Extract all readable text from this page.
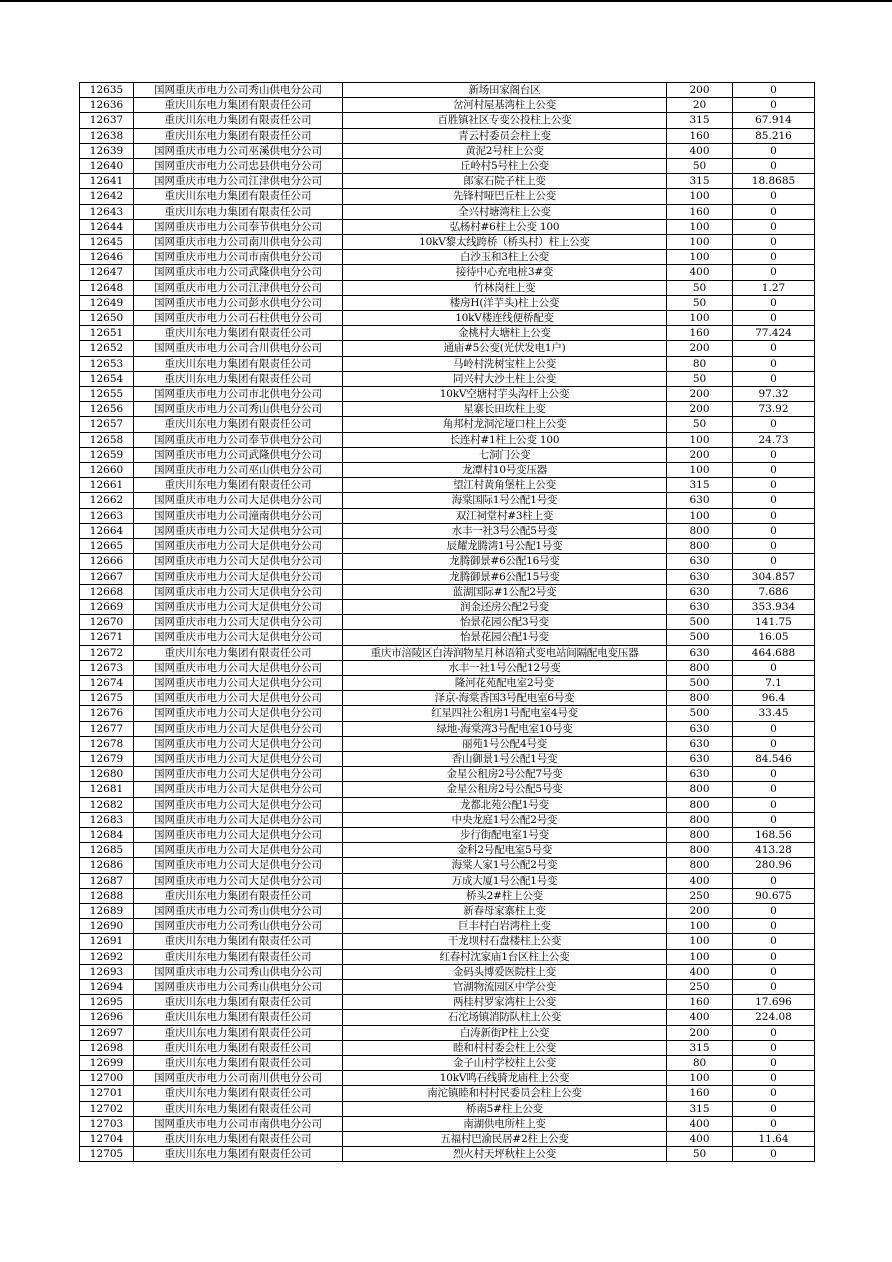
12635	国网重庆市电力公司秀山供电分公司	新场田家阁台区	200	0
12636	重庆川东电力集团有限责任公司	岔河村屋基湾柱上公变	20	0
12637	重庆川东电力集团有限责任公司	百胜镇社区专变公投柱上公变	315	67.914
12638	重庆川东电力集团有限责任公司	青云村委员会柱上变	160	85.216
12639	国网重庆市电力公司巫溪供电分公司	黄泥2号柱上公变	400	0
12640	国网重庆市电力公司忠县供电分公司	丘岭村5号柱上公变	50	0
12641	国网重庆市电力公司江津供电分公司	郎家石院子柱上变	315	18.8685
12642	重庆川东电力集团有限责任公司	先锋村哑巴丘柱上公变	100	0
12643	重庆川东电力集团有限责任公司	全兴村塘湾柱上公变	160	0
12644	国网重庆市电力公司奉节供电分公司	弘杨村#6柱上公变 100	100	0
12645	国网重庆市电力公司南川供电分公司	10kV黎太线跨桥（桥头村）柱上公变	100	0
12646	国网重庆市电力公司市南供电分公司	白沙玉和3柱上公变	100	0
12647	国网重庆市电力公司武隆供电分公司	接待中心充电桩3#变	400	0
12648	国网重庆市电力公司江津供电分公司	竹林岗柱上变	50	1.27
12649	国网重庆市电力公司彭水供电分公司	楼房H(洋芋头)柱上公变	50	0
12650	国网重庆市电力公司石柱供电分公司	10kV楼连线便桥配变	100	0
12651	重庆川东电力集团有限责任公司	金桃村大塘柱上公变	160	77.424
12652	国网重庆市电力公司合川供电分公司	通庙#5公变(光伏发电1户)	200	0
12653	重庆川东电力集团有限责任公司	马岭村洗树宝柱上公变	80	0
12654	重庆川东电力集团有限责任公司	同兴村大沙土柱上公变	50	0
12655	国网重庆市电力公司市北供电分公司	10kV空塘村芋头沟杆上公变	200	97.32
12656	国网重庆市电力公司秀山供电分公司	星寨长田坎柱上变	200	73.92
12657	重庆川东电力集团有限责任公司	角邦村龙洞沱垭口柱上公变	50	0
12658	国网重庆市电力公司奉节供电分公司	长连村#1柱上公变 100	100	24.73
12659	国网重庆市电力公司武隆供电分公司	七洞门公变	200	0
12660	国网重庆市电力公司巫山供电分公司	龙潭村10号变压器	100	0
12661	重庆川东电力集团有限责任公司	望江村黄角堡柱上公变	315	0
12662	国网重庆市电力公司大足供电分公司	海棠国际1号公配1号变	630	0
12663	国网重庆市电力公司潼南供电分公司	双江祠堂村#3柱上变	100	0
12664	国网重庆市电力公司大足供电分公司	水丰一社3号公配5号变	800	0
12665	国网重庆市电力公司大足供电分公司	辰耀龙腾湾1号公配1号变	800	0
12666	国网重庆市电力公司大足供电分公司	龙腾御景#6公配16号变	630	0
12667	国网重庆市电力公司大足供电分公司	龙腾御景#6公配15号变	630	304.857
12668	国网重庆市电力公司大足供电分公司	蓝湖国际#1公配2号变	630	7.686
12669	国网重庆市电力公司大足供电分公司	润金还房公配2号变	630	353.934
12670	国网重庆市电力公司大足供电分公司	怡景花园公配3号变	500	141.75
12671	国网重庆市电力公司大足供电分公司	怡景花园公配1号变	500	16.05
12672	重庆川东电力集团有限责任公司	重庆市涪陵区白涛润物星月林语箱式变电站间隔配电变压器	630	464.688
12673	国网重庆市电力公司大足供电分公司	水丰一社1号公配12号变	800	0
12674	国网重庆市电力公司大足供电分公司	隆河花苑配电室2号变	500	7.1
12675	国网重庆市电力公司大足供电分公司	泽京-海棠香国3号配电室6号变	800	96.4
12676	国网重庆市电力公司大足供电分公司	红星四社公租房1号配电室4号变	500	33.45
12677	国网重庆市电力公司大足供电分公司	绿地-海棠湾3号配电室10号变	630	0
12678	国网重庆市电力公司大足供电分公司	丽苑1号公配4号变	630	0
12679	国网重庆市电力公司大足供电分公司	香山御景1号公配1号变	630	84.546
12680	国网重庆市电力公司大足供电分公司	金星公租房2号公配7号变	630	0
12681	国网重庆市电力公司大足供电分公司	金星公租房2号公配5号变	800	0
12682	国网重庆市电力公司大足供电分公司	龙都北苑公配1号变	800	0
12683	国网重庆市电力公司大足供电分公司	中央龙庭1号公配2号变	800	0
12684	国网重庆市电力公司大足供电分公司	步行街配电室1号变	800	168.56
12685	国网重庆市电力公司大足供电分公司	金科2号配电室5号变	800	413.28
12686	国网重庆市电力公司大足供电分公司	海棠人家1号公配2号变	800	280.96
12687	国网重庆市电力公司大足供电分公司	万成大厦1号公配1号变	400	0
12688	重庆川东电力集团有限责任公司	桥头2#柱上公变	250	90.675
12689	国网重庆市电力公司秀山供电分公司	新春母家寨柱上变	200	0
12690	国网重庆市电力公司秀山供电分公司	巨丰村白岩湾柱上变	100	0
12691	重庆川东电力集团有限责任公司	干龙坝村石盘楼柱上公变	100	0
12692	重庆川东电力集团有限责任公司	红春村沈家庙1台区柱上公变	100	0
12693	国网重庆市电力公司秀山供电分公司	金码头博爱医院柱上变	400	0
12694	国网重庆市电力公司秀山供电分公司	官湖物流园区中学公变	250	0
12695	重庆川东电力集团有限责任公司	两桂村罗家湾柱上公变	160	17.696
12696	重庆川东电力集团有限责任公司	石沱场镇消防队柱上公变	400	224.08
12697	重庆川东电力集团有限责任公司	白涛新街P柱上公变	200	0
12698	重庆川东电力集团有限责任公司	睦和村村委会柱上公变	315	0
12699	重庆川东电力集团有限责任公司	金子山村学校柱上公变	80	0
12700	国网重庆市电力公司南川供电分公司	10kV鸣石线骑龙庙柱上公变	100	0
12701	重庆川东电力集团有限责任公司	南沱镇睦和村村民委员会柱上公变	160	0
12702	重庆川东电力集团有限责任公司	桥南5#柱上公变	315	0
12703	国网重庆市电力公司市南供电分公司	南湖供电所柱上变	400	0
12704	重庆川东电力集团有限责任公司	五福村巴渝民居#2柱上公变	400	11.64
12705	重庆川东电力集团有限责任公司	烈火村天坪秋柱上公变	50	0
